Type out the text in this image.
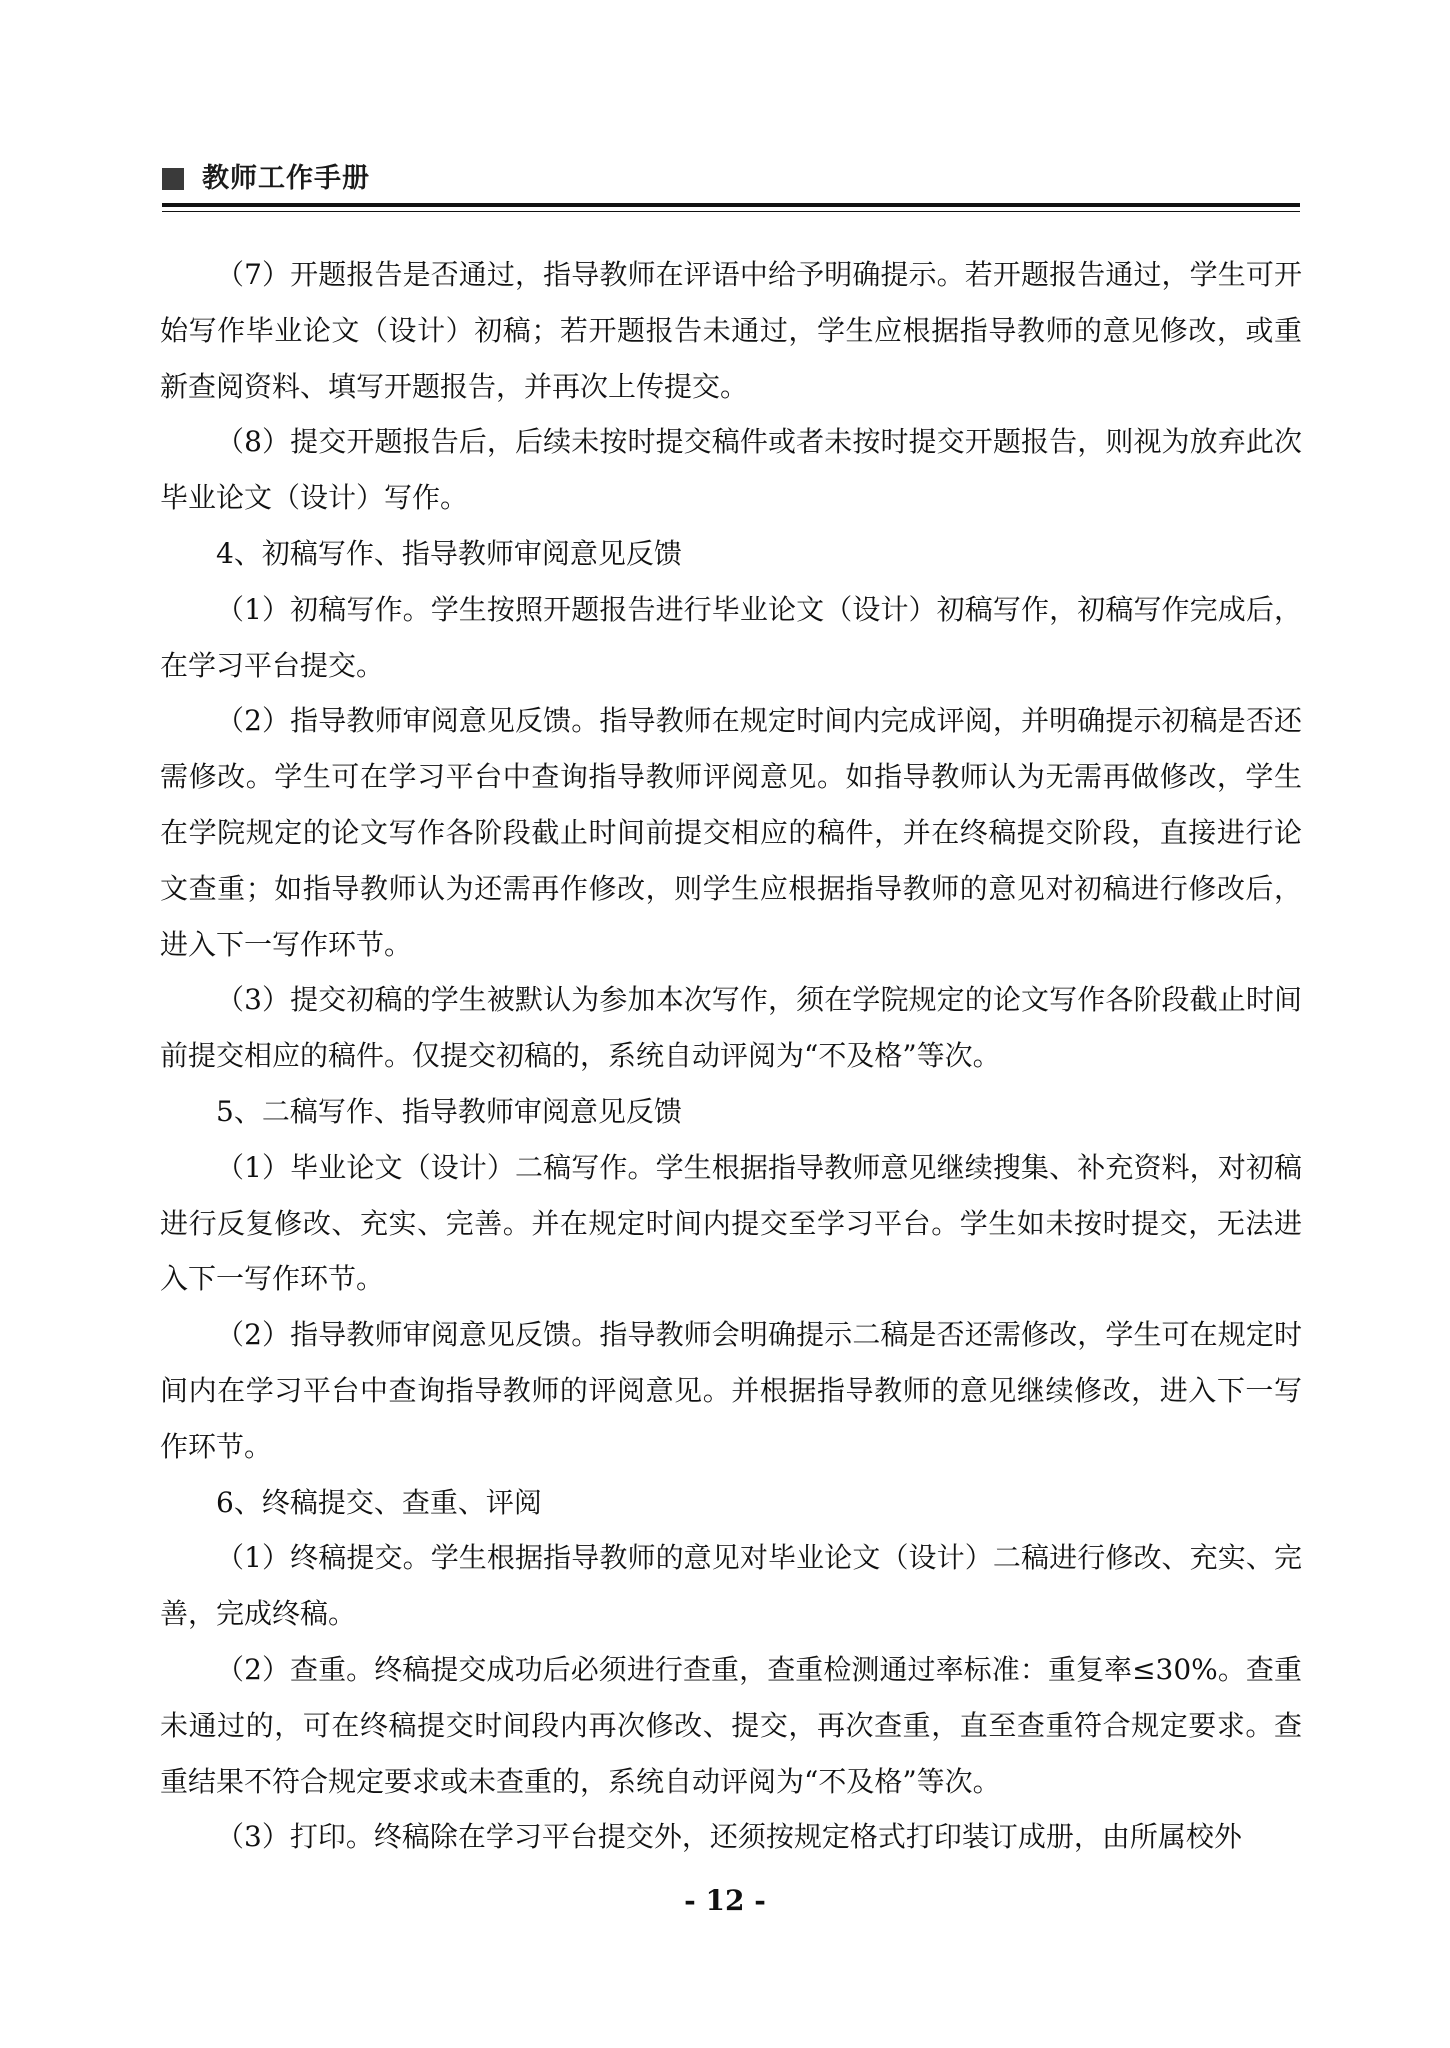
教师工作手册

（7）开题报告是否通过，指导教师在评语中给予明确提示。若开题报告通过，学生可开始写作毕业论文（设计）初稿；若开题报告未通过，学生应根据指导教师的意见修改，或重新查阅资料、填写开题报告，并再次上传提交。

（8）提交开题报告后，后续未按时提交稿件或者未按时提交开题报告，则视为放弃此次毕业论文（设计）写作。

4、初稿写作、指导教师审阅意见反馈

（1）初稿写作。学生按照开题报告进行毕业论文（设计）初稿写作，初稿写作完成后，在学习平台提交。

（2）指导教师审阅意见反馈。指导教师在规定时间内完成评阅，并明确提示初稿是否还需修改。学生可在学习平台中查询指导教师评阅意见。如指导教师认为无需再做修改，学生在学院规定的论文写作各阶段截止时间前提交相应的稿件，并在终稿提交阶段，直接进行论文查重；如指导教师认为还需再作修改，则学生应根据指导教师的意见对初稿进行修改后，进入下一写作环节。

（3）提交初稿的学生被默认为参加本次写作，须在学院规定的论文写作各阶段截止时间前提交相应的稿件。仅提交初稿的，系统自动评阅为“不及格”等次。

5、二稿写作、指导教师审阅意见反馈

（1）毕业论文（设计）二稿写作。学生根据指导教师意见继续搜集、补充资料，对初稿进行反复修改、充实、完善。并在规定时间内提交至学习平台。学生如未按时提交，无法进入下一写作环节。

（2）指导教师审阅意见反馈。指导教师会明确提示二稿是否还需修改，学生可在规定时间内在学习平台中查询指导教师的评阅意见。并根据指导教师的意见继续修改，进入下一写作环节。

6、终稿提交、查重、评阅

（1）终稿提交。学生根据指导教师的意见对毕业论文（设计）二稿进行修改、充实、完善，完成终稿。

（2）查重。终稿提交成功后必须进行查重，查重检测通过率标准：重复率≤30%。查重未通过的，可在终稿提交时间段内再次修改、提交，再次查重，直至查重符合规定要求。查重结果不符合规定要求或未查重的，系统自动评阅为“不及格”等次。

（3）打印。终稿除在学习平台提交外，还须按规定格式打印装订成册，由所属校外

- 12 -
